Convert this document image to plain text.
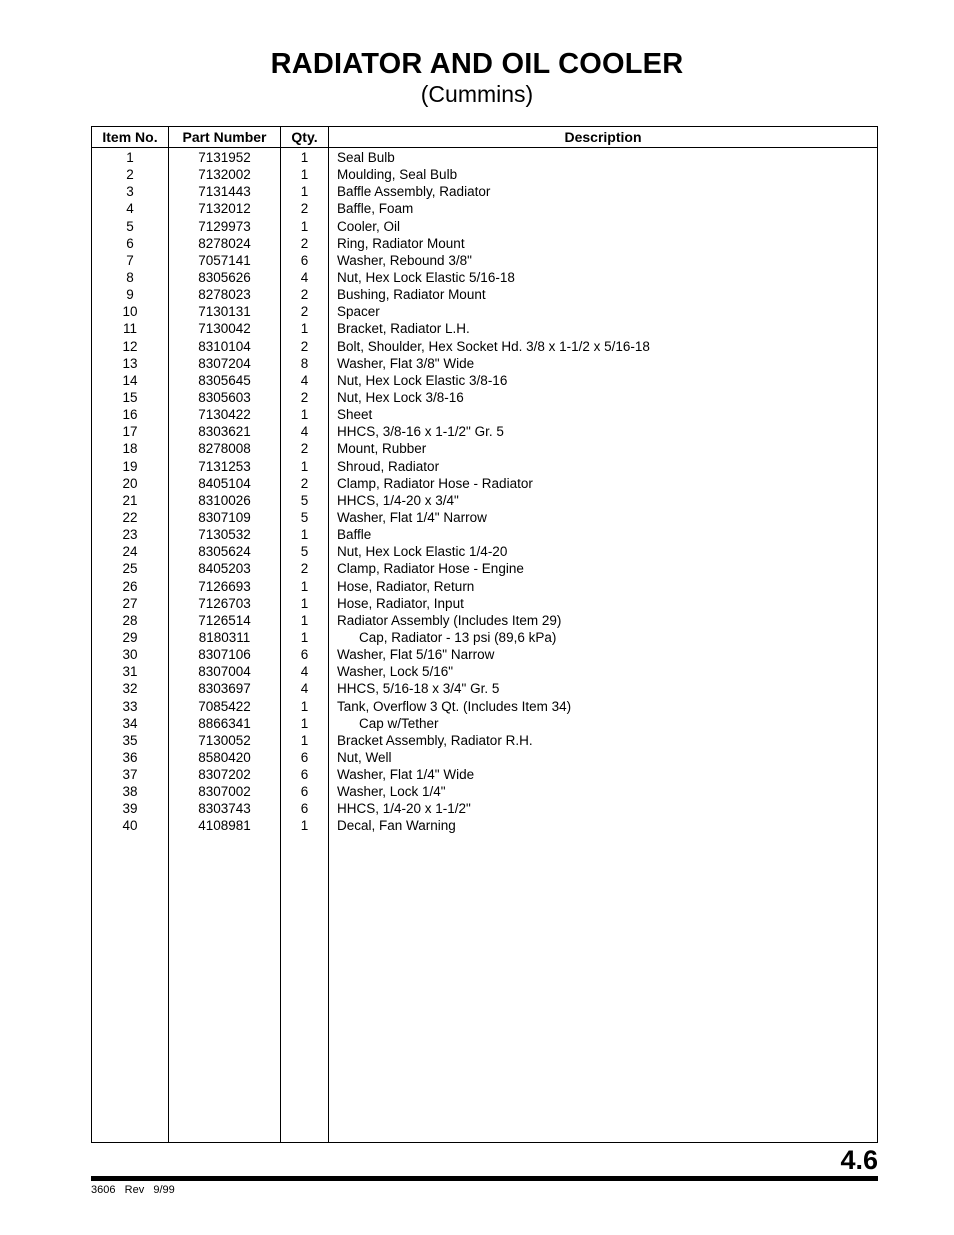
RADIATOR AND OIL COOLER
(Cummins)
Item No.	Part Number	Qty.	Description
1	7131952	1	Seal Bulb
2	7132002	1	Moulding, Seal Bulb
3	7131443	1	Baffle Assembly, Radiator
4	7132012	2	Baffle, Foam
5	7129973	1	Cooler, Oil
6	8278024	2	Ring, Radiator Mount
7	7057141	6	Washer, Rebound 3/8"
8	8305626	4	Nut, Hex Lock Elastic 5/16-18
9	8278023	2	Bushing, Radiator Mount
10	7130131	2	Spacer
11	7130042	1	Bracket, Radiator L.H.
12	8310104	2	Bolt, Shoulder, Hex Socket Hd. 3/8 x 1-1/2 x 5/16-18
13	8307204	8	Washer, Flat 3/8" Wide
14	8305645	4	Nut, Hex Lock Elastic 3/8-16
15	8305603	2	Nut, Hex Lock 3/8-16
16	7130422	1	Sheet
17	8303621	4	HHCS, 3/8-16 x 1-1/2" Gr. 5
18	8278008	2	Mount, Rubber
19	7131253	1	Shroud, Radiator
20	8405104	2	Clamp, Radiator Hose - Radiator
21	8310026	5	HHCS, 1/4-20 x 3/4"
22	8307109	5	Washer, Flat 1/4" Narrow
23	7130532	1	Baffle
24	8305624	5	Nut, Hex Lock Elastic 1/4-20
25	8405203	2	Clamp, Radiator Hose - Engine
26	7126693	1	Hose, Radiator, Return
27	7126703	1	Hose, Radiator, Input
28	7126514	1	Radiator Assembly (Includes Item 29)
29	8180311	1	Cap, Radiator - 13 psi (89,6 kPa)
30	8307106	6	Washer, Flat 5/16" Narrow
31	8307004	4	Washer, Lock 5/16"
32	8303697	4	HHCS, 5/16-18 x 3/4" Gr. 5
33	7085422	1	Tank, Overflow 3 Qt. (Includes Item 34)
34	8866341	1	Cap w/Tether
35	7130052	1	Bracket Assembly, Radiator R.H.
36	8580420	6	Nut, Well
37	8307202	6	Washer, Flat 1/4" Wide
38	8307002	6	Washer, Lock 1/4"
39	8303743	6	HHCS, 1/4-20 x 1-1/2"
40	4108981	1	Decal, Fan Warning
4.6
3606   Rev   9/99
